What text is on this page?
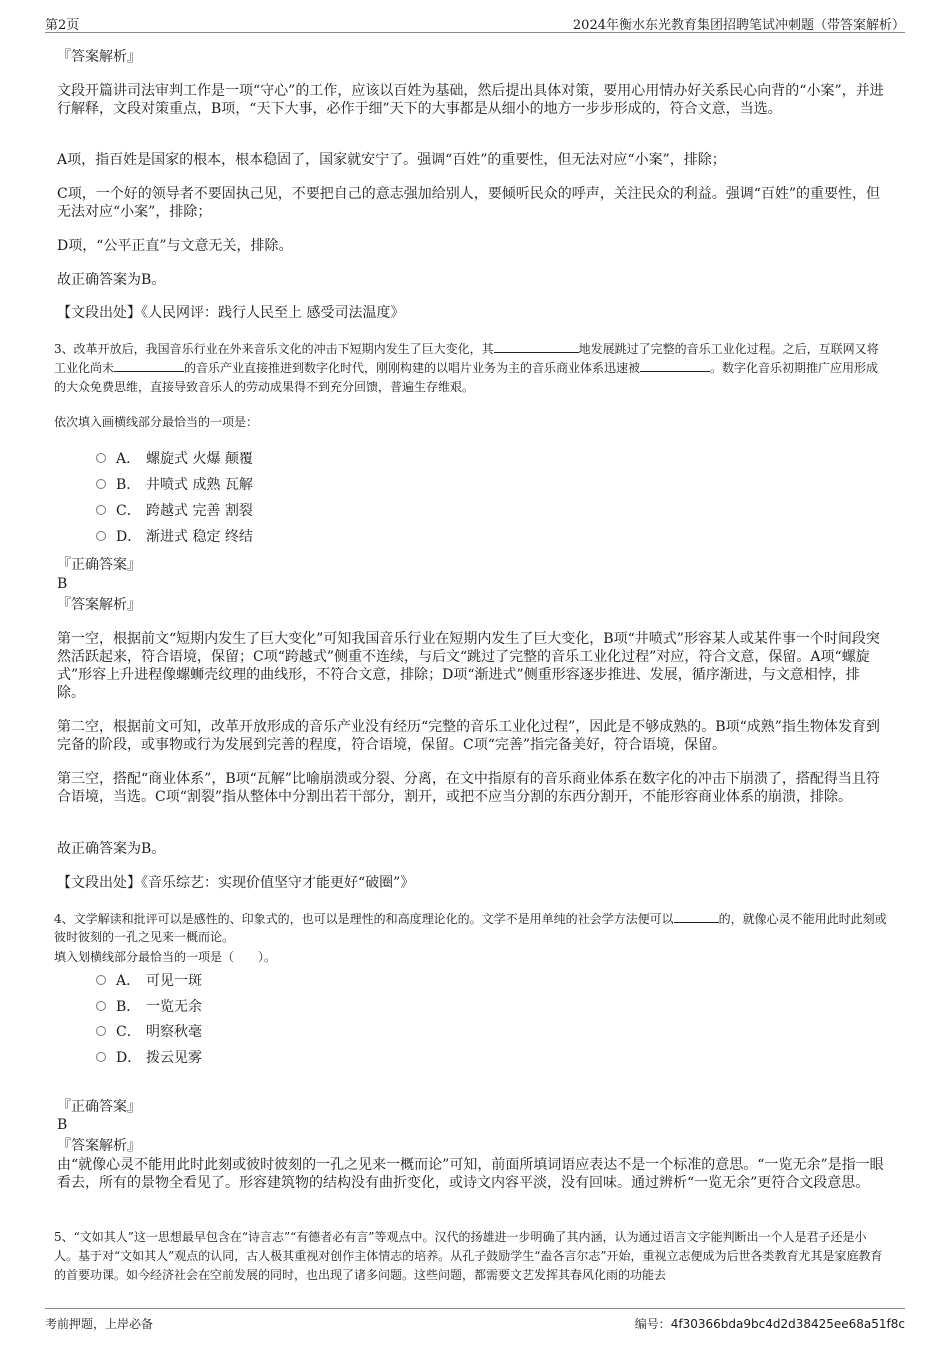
第2页	2024年衡水东光教育集团招聘笔试冲刺题（带答案解析）
『答案解析』

文段开篇讲司法审判工作是一项“守心”的工作，应该以百姓为基础，然后提出具体对策，要用心用情办好关系民心向背的“小案”，并进行解释，文段对策重点，B项，“天下大事，必作于细”天下的大事都是从细小的地方一步步形成的，符合文意，当选。

A项，指百姓是国家的根本，根本稳固了，国家就安宁了。强调“百姓”的重要性，但无法对应“小案”，排除；

C项，一个好的领导者不要固执己见，不要把自己的意志强加给别人，要倾听民众的呼声，关注民众的利益。强调“百姓”的重要性，但无法对应“小案”，排除；

D项，“公平正直”与文意无关，排除。

故正确答案为B。

【文段出处】《人民网评：践行人民至上 感受司法温度》

3、改革开放后，我国音乐行业在外来音乐文化的冲击下短期内发生了巨大变化，其	地发展跳过了完整的音乐工业化过程。之后，互联网又将工业化尚未	的音乐产业直接推进到数字化时代，刚刚构建的以唱片业务为主的音乐商业体系迅速被	。数字化音乐初期推广应用形成的大众免费思维，直接导致音乐人的劳动成果得不到充分回馈，普遍生存维艰。

依次填入画横线部分最恰当的一项是：

A． 螺旋式 火爆 颠覆
B． 井喷式 成熟 瓦解
C． 跨越式 完善 割裂
D． 渐进式 稳定 终结
『正确答案』
B
『答案解析』

第一空，根据前文“短期内发生了巨大变化”可知我国音乐行业在短期内发生了巨大变化，B项“井喷式”形容某人或某件事一个时间段突然活跃起来，符合语境，保留；C项“跨越式”侧重不连续，与后文“跳过了完整的音乐工业化过程”对应，符合文意，保留。A项“螺旋式”形容上升进程像螺蛳壳纹理的曲线形，不符合文意，排除；D项“渐进式”侧重形容逐步推进、发展，循序渐进，与文意相悖，排除。

第二空，根据前文可知，改革开放形成的音乐产业没有经历“完整的音乐工业化过程”，因此是不够成熟的。B项“成熟”指生物体发育到完备的阶段，或事物或行为发展到完善的程度，符合语境，保留。C项“完善”指完备美好，符合语境，保留。

第三空，搭配“商业体系”，B项“瓦解”比喻崩溃或分裂、分离，在文中指原有的音乐商业体系在数字化的冲击下崩溃了，搭配得当且符合语境，当选。C项“割裂”指从整体中分割出若干部分，割开，或把不应当分割的东西分割开，不能形容商业体系的崩溃，排除。

故正确答案为B。

【文段出处】《音乐综艺：实现价值坚守才能更好“破圈”》

4、文学解读和批评可以是感性的、印象式的，也可以是理性的和高度理论化的。文学不是用单纯的社会学方法便可以	的，就像心灵不能用此时此刻或彼时彼刻的一孔之见来一概而论。

填入划横线部分最恰当的一项是（　　）。

A． 可见一斑
B． 一览无余
C． 明察秋毫
D． 拨云见雾
『正确答案』
B
『答案解析』

由“就像心灵不能用此时此刻或彼时彼刻的一孔之见来一概而论”可知，前面所填词语应表达不是一个标准的意思。“一览无余”是指一眼看去，所有的景物全看见了。形容建筑物的结构没有曲折变化，或诗文内容平淡，没有回味。通过辨析“一览无余”更符合文段意思。

5、“文如其人”这一思想最早包含在“诗言志”“有德者必有言”等观点中。汉代的扬雄进一步明确了其内涵，认为通过语言文字能判断出一个人是君子还是小人。基于对“文如其人”观点的认同，古人极其重视对创作主体情志的培养。从孔子鼓励学生“盍各言尔志”开始，重视立志便成为后世各类教育尤其是家庭教育的首要功课。如今经济社会在空前发展的同时，也出现了诸多问题。这些问题，都需要文艺发挥其春风化雨的功能去

考前押题，上岸必备	编号：4f30366bda9bc4d2d38425ee68a51f8c
